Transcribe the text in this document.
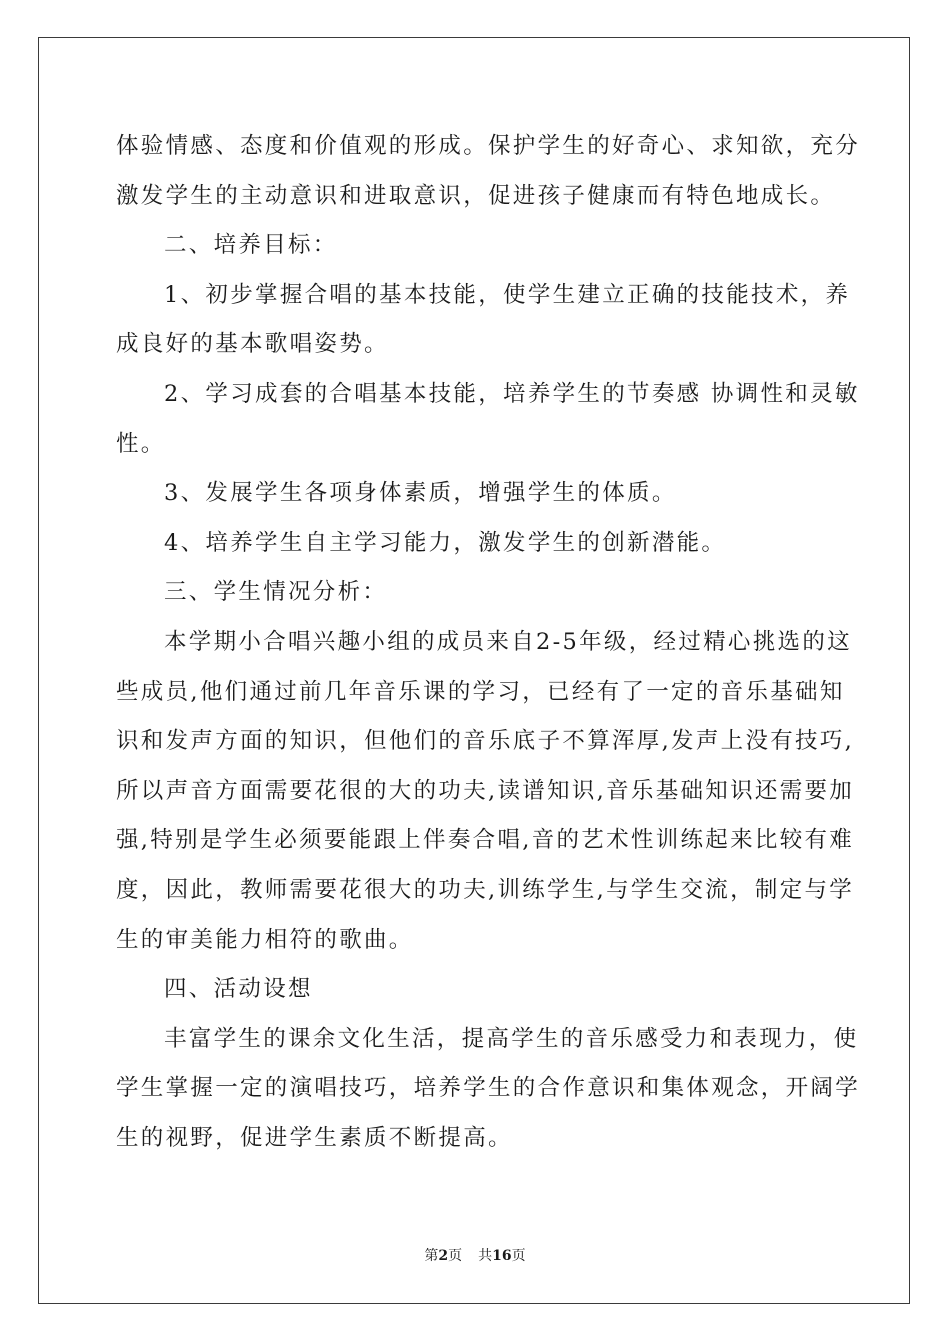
体验情感、态度和价值观的形成。保护学生的好奇心、求知欲，充分
激发学生的主动意识和进取意识，促进孩子健康而有特色地成长。
二、培养目标：
1、初步掌握合唱的基本技能，使学生建立正确的技能技术，养
成良好的基本歌唱姿势。
2、学习成套的合唱基本技能，培养学生的节奏感 协调性和灵敏
性。
3、发展学生各项身体素质，增强学生的体质。
4、培养学生自主学习能力，激发学生的创新潜能。
三、学生情况分析：
本学期小合唱兴趣小组的成员来自2-5年级，经过精心挑选的这
些成员,他们通过前几年音乐课的学习，已经有了一定的音乐基础知
识和发声方面的知识，但他们的音乐底子不算浑厚,发声上没有技巧,
所以声音方面需要花很的大的功夫,读谱知识,音乐基础知识还需要加
强,特别是学生必须要能跟上伴奏合唱,音的艺术性训练起来比较有难
度，因此，教师需要花很大的功夫,训练学生,与学生交流，制定与学
生的审美能力相符的歌曲。
四、活动设想
丰富学生的课余文化生活，提高学生的音乐感受力和表现力，使
学生掌握一定的演唱技巧，培养学生的合作意识和集体观念，开阔学
生的视野，促进学生素质不断提高。
第2页 共16页
